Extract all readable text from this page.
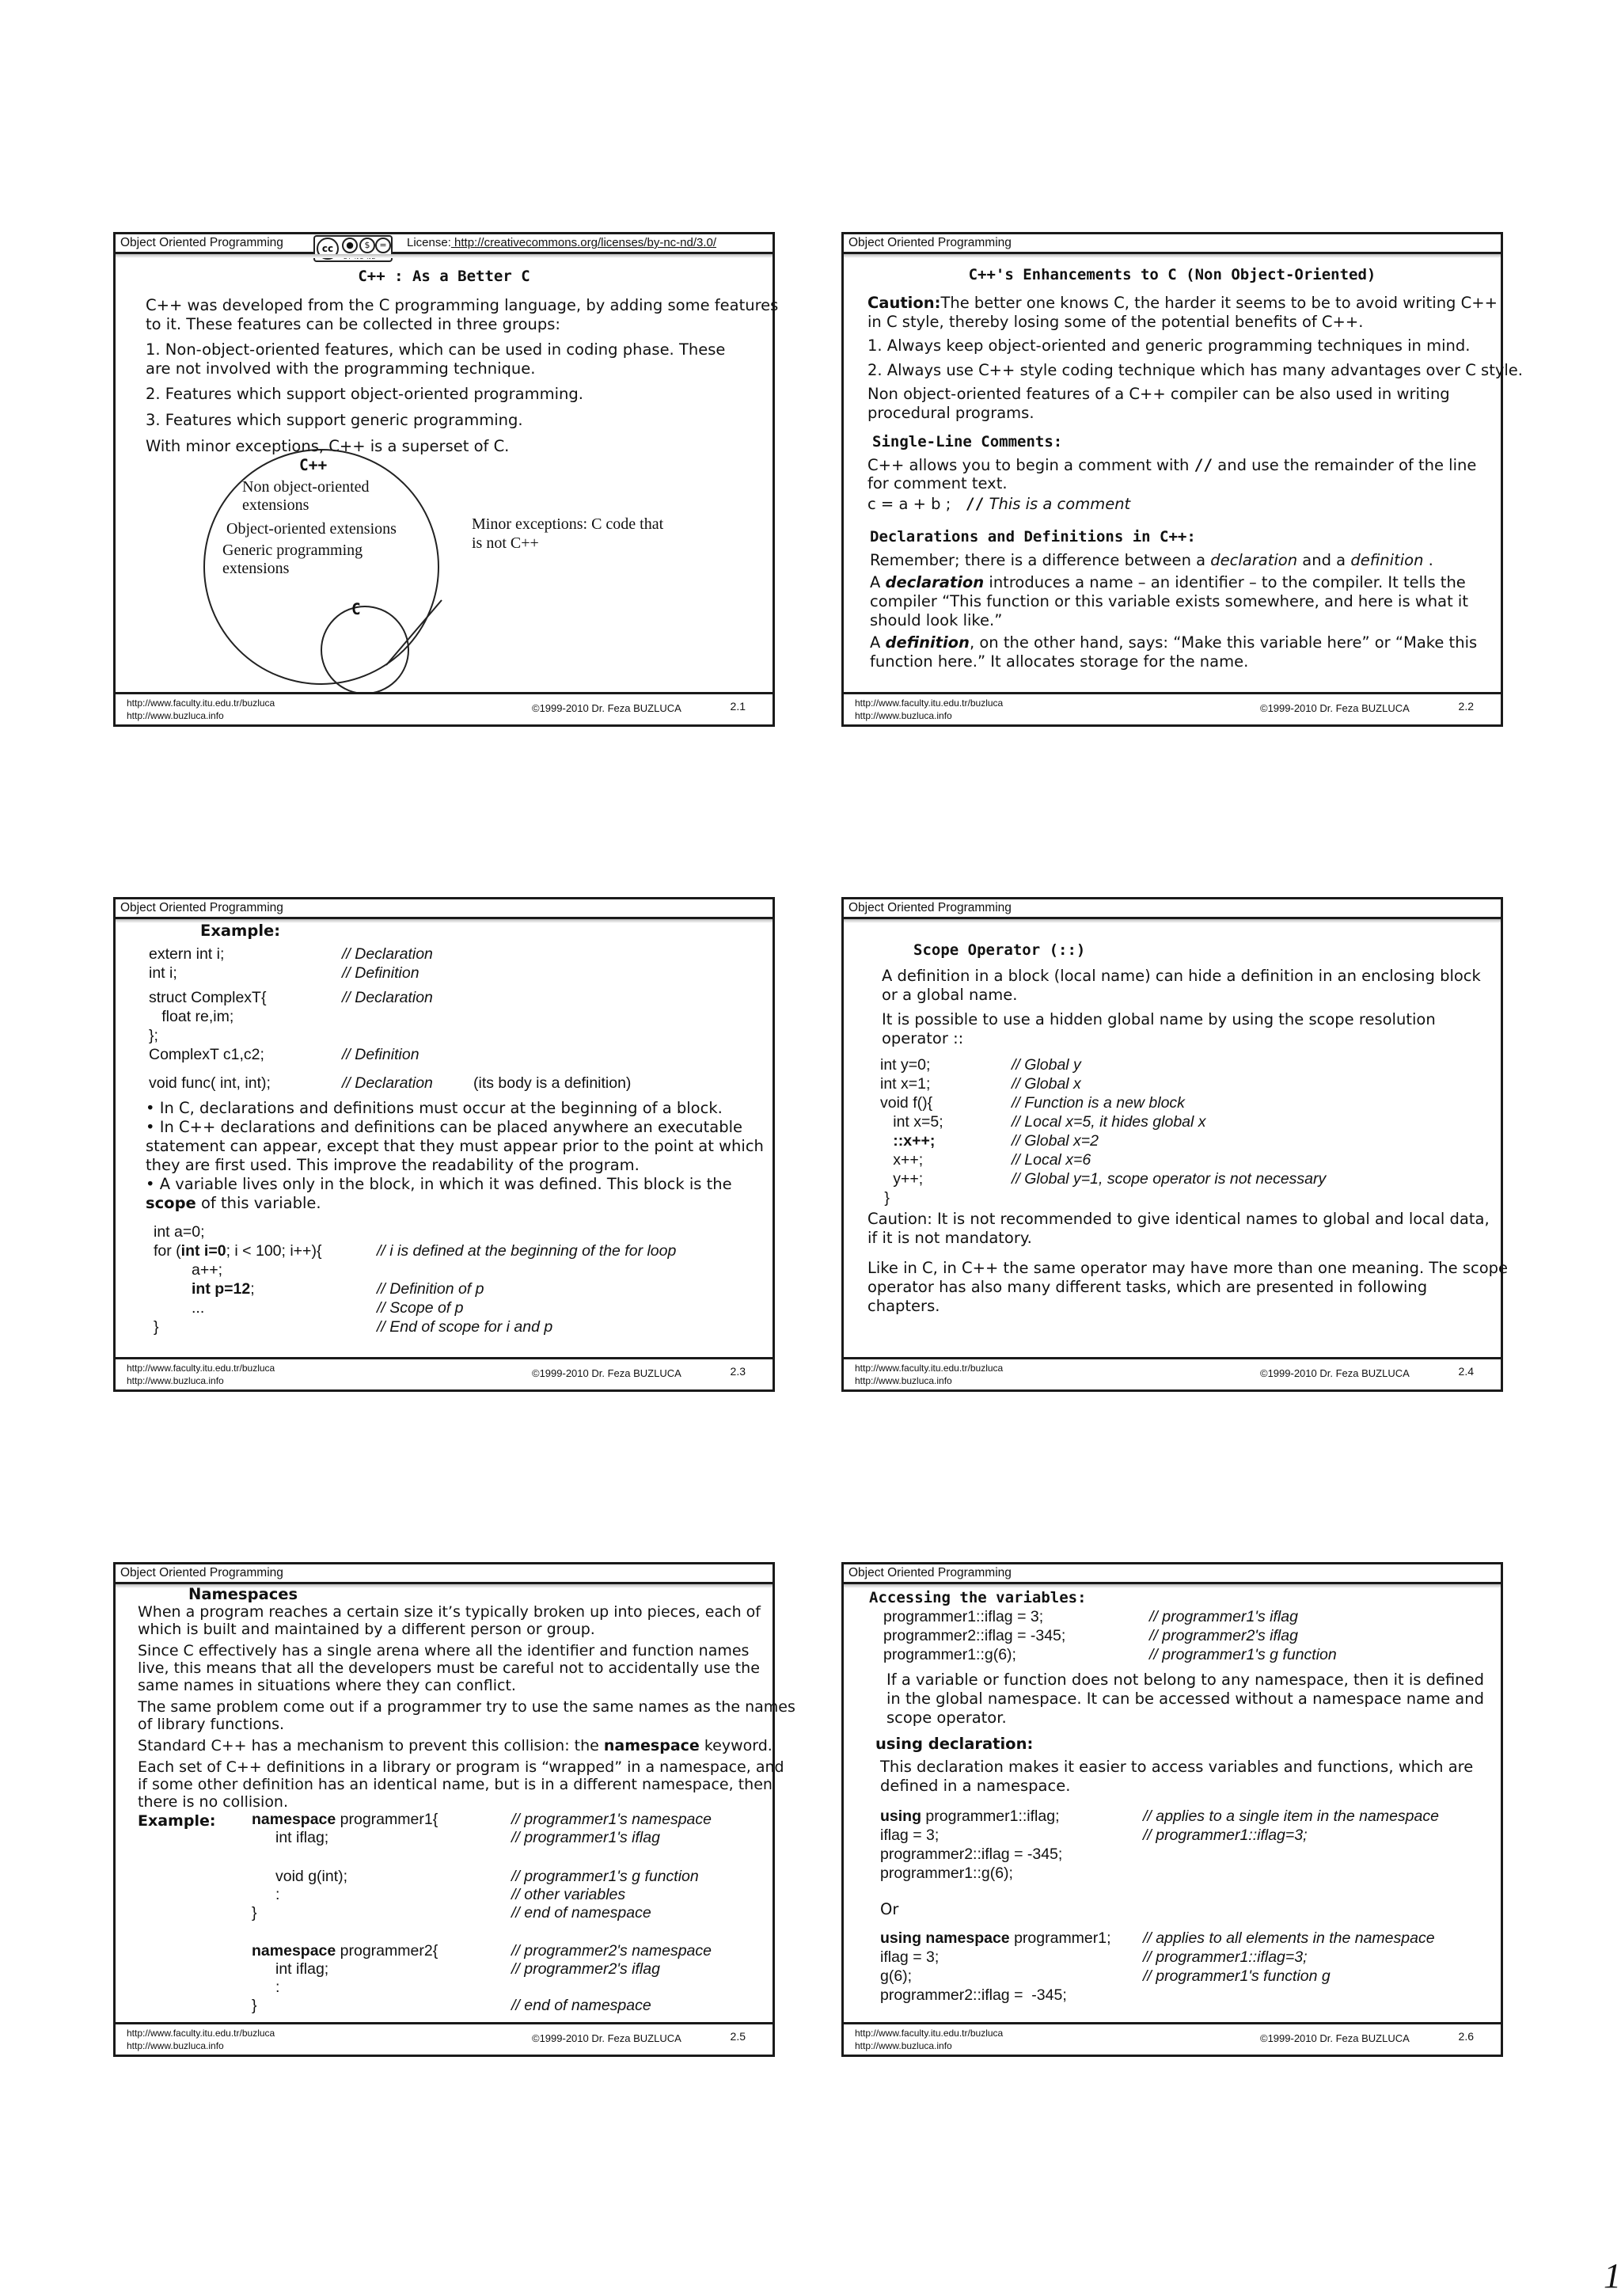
Object Oriented Programming	cc	●	$	=	License: http://creativecommons.org/licenses/by-nc-nd/3.0/
C++ : As a Better C
C++ was developed from the C programming language, by adding some features
to it. These features can be collected in three groups:
1. Non-object-oriented features, which can be used in coding phase. These
are not involved with the programming technique.
2. Features which support object-oriented programming.
3. Features which support generic programming.
With minor exceptions, C++ is a superset of C.
C++
Non object-oriented
extensions
Object-oriented extensions
Generic programming
extensions
C
Minor exceptions: C code that
is not C++
http://www.faculty.itu.edu.tr/buzluca
http://www.buzluca.info
©1999-2010 Dr. Feza BUZLUCA	2.1
Object Oriented Programming
C++'s Enhancements to C (Non Object-Oriented)
Caution:The better one knows C, the harder it seems to be to avoid writing C++
in C style, thereby losing some of the potential benefits of C++.
1. Always keep object-oriented and generic programming techniques in mind.
2. Always use C++ style coding technique which has many advantages over C style.
Non object-oriented features of a C++ compiler can be also used in writing
procedural programs.
Single-Line Comments:
C++ allows you to begin a comment with // and use the remainder of the line
for comment text.
c = a + b ; // This is a comment
Declarations and Definitions in C++:
Remember; there is a difference between a declaration and a definition .
A declaration introduces a name – an identifier – to the compiler. It tells the
compiler “This function or this variable exists somewhere, and here is what it
should look like.”
A definition, on the other hand, says: “Make this variable here” or “Make this
function here.” It allocates storage for the name.
http://www.faculty.itu.edu.tr/buzluca
http://www.buzluca.info
©1999-2010 Dr. Feza BUZLUCA	2.2
Object Oriented Programming
Example:
extern int i;	// Declaration
int i;	// Definition
struct ComplexT{	// Declaration
float re,im;
};
ComplexT c1,c2;	// Definition
void func( int, int);	// Declaration	(its body is a definition)
• In C, declarations and definitions must occur at the beginning of a block.
• In C++ declarations and definitions can be placed anywhere an executable
statement can appear, except that they must appear prior to the point at which
they are first used. This improve the readability of the program.
• A variable lives only in the block, in which it was defined. This block is the
scope of this variable.
int a=0;
for (int i=0; i < 100; i++){	// i is defined at the beginning of the for loop
a++;
int p=12;	// Definition of p
...	// Scope of p
}	// End of scope for i and p
http://www.faculty.itu.edu.tr/buzluca
http://www.buzluca.info
©1999-2010 Dr. Feza BUZLUCA	2.3
Object Oriented Programming
Scope Operator (::)
A definition in a block (local name) can hide a definition in an enclosing block
or a global name.
It is possible to use a hidden global name by using the scope resolution
operator ::
int y=0;	// Global y
int x=1;	// Global x
void f(){	// Function is a new block
int x=5;	// Local x=5, it hides global x
::x++;	// Global x=2
x++;	// Local x=6
y++;	// Global y=1, scope operator is not necessary
}
Caution: It is not recommended to give identical names to global and local data,
if it is not mandatory.
Like in C, in C++ the same operator may have more than one meaning. The scope
operator has also many different tasks, which are presented in following
chapters.
http://www.faculty.itu.edu.tr/buzluca
http://www.buzluca.info
©1999-2010 Dr. Feza BUZLUCA	2.4
Object Oriented Programming
Namespaces
When a program reaches a certain size it’s typically broken up into pieces, each of
which is built and maintained by a different person or group.
Since C effectively has a single arena where all the identifier and function names
live, this means that all the developers must be careful not to accidentally use the
same names in situations where they can conflict.
The same problem come out if a programmer try to use the same names as the names
of library functions.
Standard C++ has a mechanism to prevent this collision: the namespace keyword.
Each set of C++ definitions in a library or program is “wrapped” in a namespace, and
if some other definition has an identical name, but is in a different namespace, then
there is no collision.
Example: namespace programmer1{	// programmer1's namespace
int iflag;	// programmer1's iflag
void g(int);	// programmer1's g function
:	// other variables
}	// end of namespace
namespace programmer2{	// programmer2's namespace
int iflag;	// programmer2's iflag
:
}	// end of namespace
http://www.faculty.itu.edu.tr/buzluca
http://www.buzluca.info
©1999-2010 Dr. Feza BUZLUCA	2.5
Object Oriented Programming
Accessing the variables:
programmer1::iflag = 3;	// programmer1's iflag
programmer2::iflag = -345;	// programmer2's iflag
programmer1::g(6);	// programmer1's g function
If a variable or function does not belong to any namespace, then it is defined
in the global namespace. It can be accessed without a namespace name and
scope operator.
using declaration:
This declaration makes it easier to access variables and functions, which are
defined in a namespace.
using programmer1::iflag;	// applies to a single item in the namespace
iflag = 3;	// programmer1::iflag=3;
programmer2::iflag = -345;
programmer1::g(6);
Or
using namespace programmer1; // applies to all elements in the namespace
iflag = 3;	// programmer1::iflag=3;
g(6);	// programmer1's function g
programmer2::iflag =  -345;
http://www.faculty.itu.edu.tr/buzluca
http://www.buzluca.info
©1999-2010 Dr. Feza BUZLUCA	2.6
1
